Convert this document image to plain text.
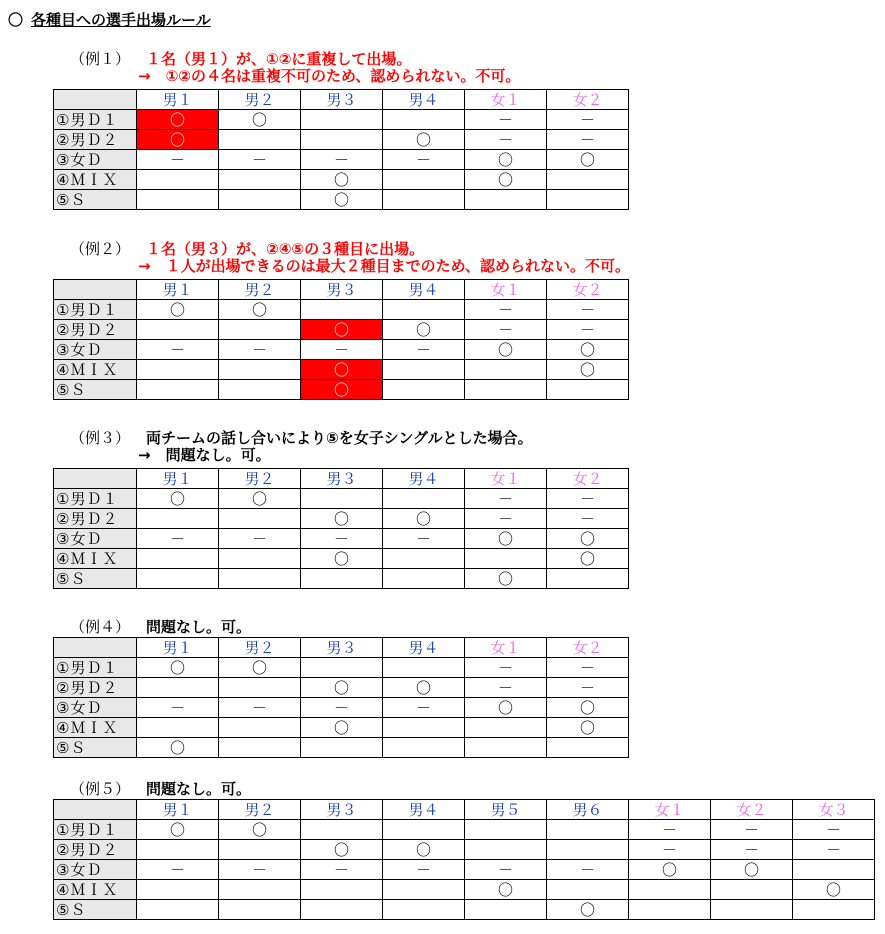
〇 各種目への選手出場ルール
（例１） １名（男１）が、①②に重複して出場。
→　①②の４名は重複不可のため、認められない。不可。
	男１	男２	男３	男４	女１	女２
①男Ｄ１	〇	〇			－	－
②男Ｄ２	〇			〇	－	－
③女Ｄ	－	－	－	－	〇	〇
④ＭＩＸ			〇		〇	
⑤Ｓ			〇			
（例２） １名（男３）が、②④⑤の３種目に出場。
→　１人が出場できるのは最大２種目までのため、認められない。不可。
	男１	男２	男３	男４	女１	女２
①男Ｄ１	〇	〇			－	－
②男Ｄ２			〇	〇	－	－
③女Ｄ	－	－	－	－	〇	〇
④ＭＩＸ			〇			〇
⑤Ｓ			〇			
（例３） 両チームの話し合いにより⑤を女子シングルとした場合。
→　問題なし。可。
	男１	男２	男３	男４	女１	女２
①男Ｄ１	〇	〇			－	－
②男Ｄ２			〇	〇	－	－
③女Ｄ	－	－	－	－	〇	〇
④ＭＩＸ			〇			〇
⑤Ｓ					〇	
（例４） 問題なし。可。
	男１	男２	男３	男４	女１	女２
①男Ｄ１	〇	〇			－	－
②男Ｄ２			〇	〇	－	－
③女Ｄ	－	－	－	－	〇	〇
④ＭＩＸ			〇			〇
⑤Ｓ	〇					
（例５） 問題なし。可。
	男１	男２	男３	男４	男５	男６	女１	女２	女３
①男Ｄ１	〇	〇					－	－	－
②男Ｄ２			〇	〇			－	－	－
③女Ｄ	－	－	－	－	－	－	〇	〇	
④ＭＩＸ					〇				〇
⑤Ｓ						〇			
